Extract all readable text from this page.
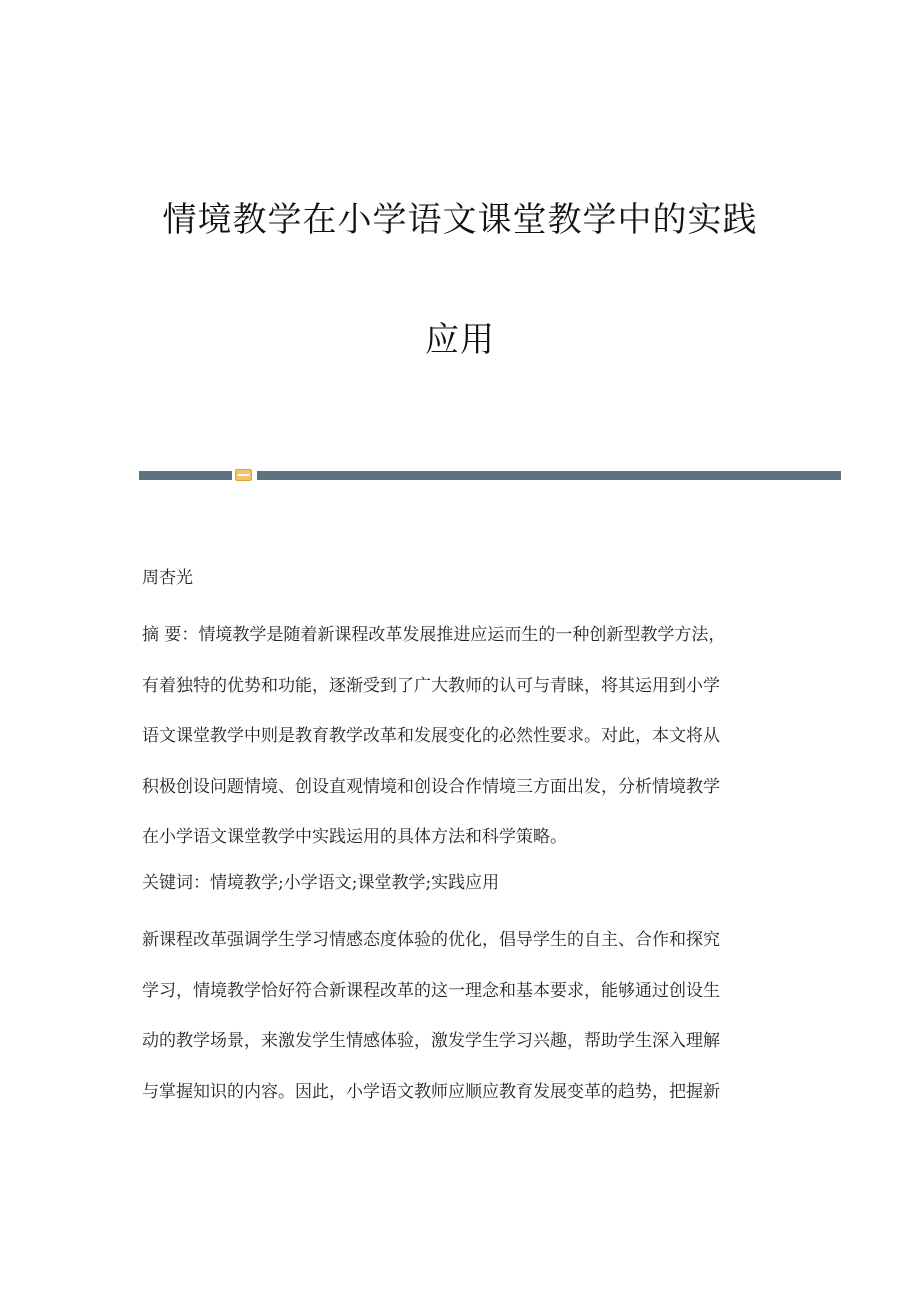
情境教学在小学语文课堂教学中的实践
应用

周杏光

摘 要：情境教学是随着新课程改革发展推进应运而生的一种创新型教学方法，
有着独特的优势和功能，逐渐受到了广大教师的认可与青睐，将其运用到小学
语文课堂教学中则是教育教学改革和发展变化的必然性要求。对此，本文将从
积极创设问题情境、创设直观情境和创设合作情境三方面出发，分析情境教学
在小学语文课堂教学中实践运用的具体方法和科学策略。

关键词：情境教学;小学语文;课堂教学;实践应用

新课程改革强调学生学习情感态度体验的优化，倡导学生的自主、合作和探究
学习，情境教学恰好符合新课程改革的这一理念和基本要求，能够通过创设生
动的教学场景，来激发学生情感体验，激发学生学习兴趣，帮助学生深入理解
与掌握知识的内容。因此，小学语文教师应顺应教育发展变革的趋势，把握新
